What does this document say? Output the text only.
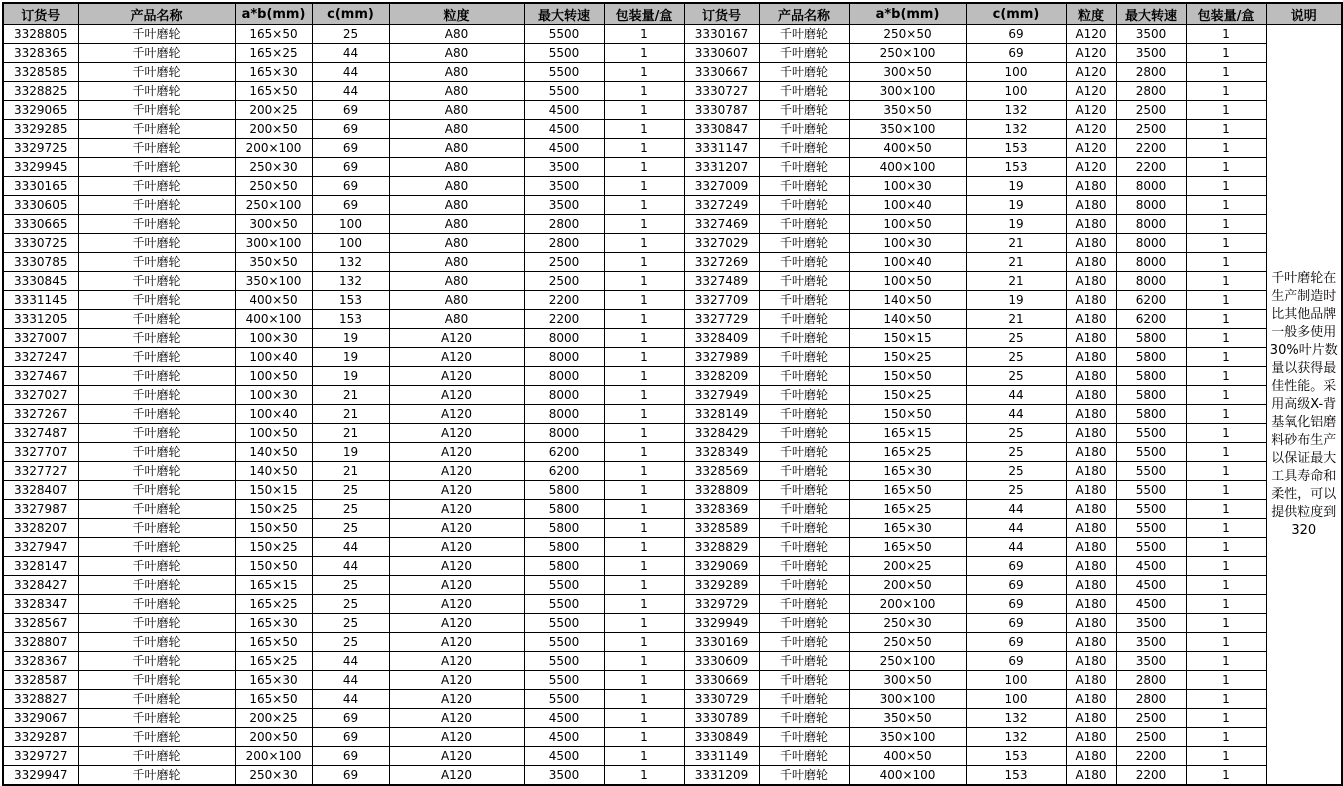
订货号	产品名称	a*b(mm)	c(mm)	粒度	最大转速	包装量/盒	订货号	产品名称	a*b(mm)	c(mm)	粒度	最大转速	包装量/盒	说明
3328805	千叶磨轮	165×50	25	A80	5500	1	3330167	千叶磨轮	250×50	69	A120	3500	1	千叶磨轮在生产制造时比其他品牌一般多使用30%叶片数量以获得最佳性能。采用高级X-背基氧化铝磨料砂布生产以保证最大工具寿命和柔性，可以提供粒度到320
3328365	千叶磨轮	165×25	44	A80	5500	1	3330607	千叶磨轮	250×100	69	A120	3500	1	
3328585	千叶磨轮	165×30	44	A80	5500	1	3330667	千叶磨轮	300×50	100	A120	2800	1	
3328825	千叶磨轮	165×50	44	A80	5500	1	3330727	千叶磨轮	300×100	100	A120	2800	1	
3329065	千叶磨轮	200×25	69	A80	4500	1	3330787	千叶磨轮	350×50	132	A120	2500	1	
3329285	千叶磨轮	200×50	69	A80	4500	1	3330847	千叶磨轮	350×100	132	A120	2500	1	
3329725	千叶磨轮	200×100	69	A80	4500	1	3331147	千叶磨轮	400×50	153	A120	2200	1	
3329945	千叶磨轮	250×30	69	A80	3500	1	3331207	千叶磨轮	400×100	153	A120	2200	1	
3330165	千叶磨轮	250×50	69	A80	3500	1	3327009	千叶磨轮	100×30	19	A180	8000	1	
3330605	千叶磨轮	250×100	69	A80	3500	1	3327249	千叶磨轮	100×40	19	A180	8000	1	
3330665	千叶磨轮	300×50	100	A80	2800	1	3327469	千叶磨轮	100×50	19	A180	8000	1	
3330725	千叶磨轮	300×100	100	A80	2800	1	3327029	千叶磨轮	100×30	21	A180	8000	1	
3330785	千叶磨轮	350×50	132	A80	2500	1	3327269	千叶磨轮	100×40	21	A180	8000	1	
3330845	千叶磨轮	350×100	132	A80	2500	1	3327489	千叶磨轮	100×50	21	A180	8000	1	
3331145	千叶磨轮	400×50	153	A80	2200	1	3327709	千叶磨轮	140×50	19	A180	6200	1	
3331205	千叶磨轮	400×100	153	A80	2200	1	3327729	千叶磨轮	140×50	21	A180	6200	1	
3327007	千叶磨轮	100×30	19	A120	8000	1	3328409	千叶磨轮	150×15	25	A180	5800	1	
3327247	千叶磨轮	100×40	19	A120	8000	1	3327989	千叶磨轮	150×25	25	A180	5800	1	
3327467	千叶磨轮	100×50	19	A120	8000	1	3328209	千叶磨轮	150×50	25	A180	5800	1	
3327027	千叶磨轮	100×30	21	A120	8000	1	3327949	千叶磨轮	150×25	44	A180	5800	1	
3327267	千叶磨轮	100×40	21	A120	8000	1	3328149	千叶磨轮	150×50	44	A180	5800	1	
3327487	千叶磨轮	100×50	21	A120	8000	1	3328429	千叶磨轮	165×15	25	A180	5500	1	
3327707	千叶磨轮	140×50	19	A120	6200	1	3328349	千叶磨轮	165×25	25	A180	5500	1	
3327727	千叶磨轮	140×50	21	A120	6200	1	3328569	千叶磨轮	165×30	25	A180	5500	1	
3328407	千叶磨轮	150×15	25	A120	5800	1	3328809	千叶磨轮	165×50	25	A180	5500	1	
3327987	千叶磨轮	150×25	25	A120	5800	1	3328369	千叶磨轮	165×25	44	A180	5500	1	
3328207	千叶磨轮	150×50	25	A120	5800	1	3328589	千叶磨轮	165×30	44	A180	5500	1	
3327947	千叶磨轮	150×25	44	A120	5800	1	3328829	千叶磨轮	165×50	44	A180	5500	1	
3328147	千叶磨轮	150×50	44	A120	5800	1	3329069	千叶磨轮	200×25	69	A180	4500	1	
3328427	千叶磨轮	165×15	25	A120	5500	1	3329289	千叶磨轮	200×50	69	A180	4500	1	
3328347	千叶磨轮	165×25	25	A120	5500	1	3329729	千叶磨轮	200×100	69	A180	4500	1	
3328567	千叶磨轮	165×30	25	A120	5500	1	3329949	千叶磨轮	250×30	69	A180	3500	1	
3328807	千叶磨轮	165×50	25	A120	5500	1	3330169	千叶磨轮	250×50	69	A180	3500	1	
3328367	千叶磨轮	165×25	44	A120	5500	1	3330609	千叶磨轮	250×100	69	A180	3500	1	
3328587	千叶磨轮	165×30	44	A120	5500	1	3330669	千叶磨轮	300×50	100	A180	2800	1	
3328827	千叶磨轮	165×50	44	A120	5500	1	3330729	千叶磨轮	300×100	100	A180	2800	1	
3329067	千叶磨轮	200×25	69	A120	4500	1	3330789	千叶磨轮	350×50	132	A180	2500	1	
3329287	千叶磨轮	200×50	69	A120	4500	1	3330849	千叶磨轮	350×100	132	A180	2500	1	
3329727	千叶磨轮	200×100	69	A120	4500	1	3331149	千叶磨轮	400×50	153	A180	2200	1	
3329947	千叶磨轮	250×30	69	A120	3500	1	3331209	千叶磨轮	400×100	153	A180	2200	1	
